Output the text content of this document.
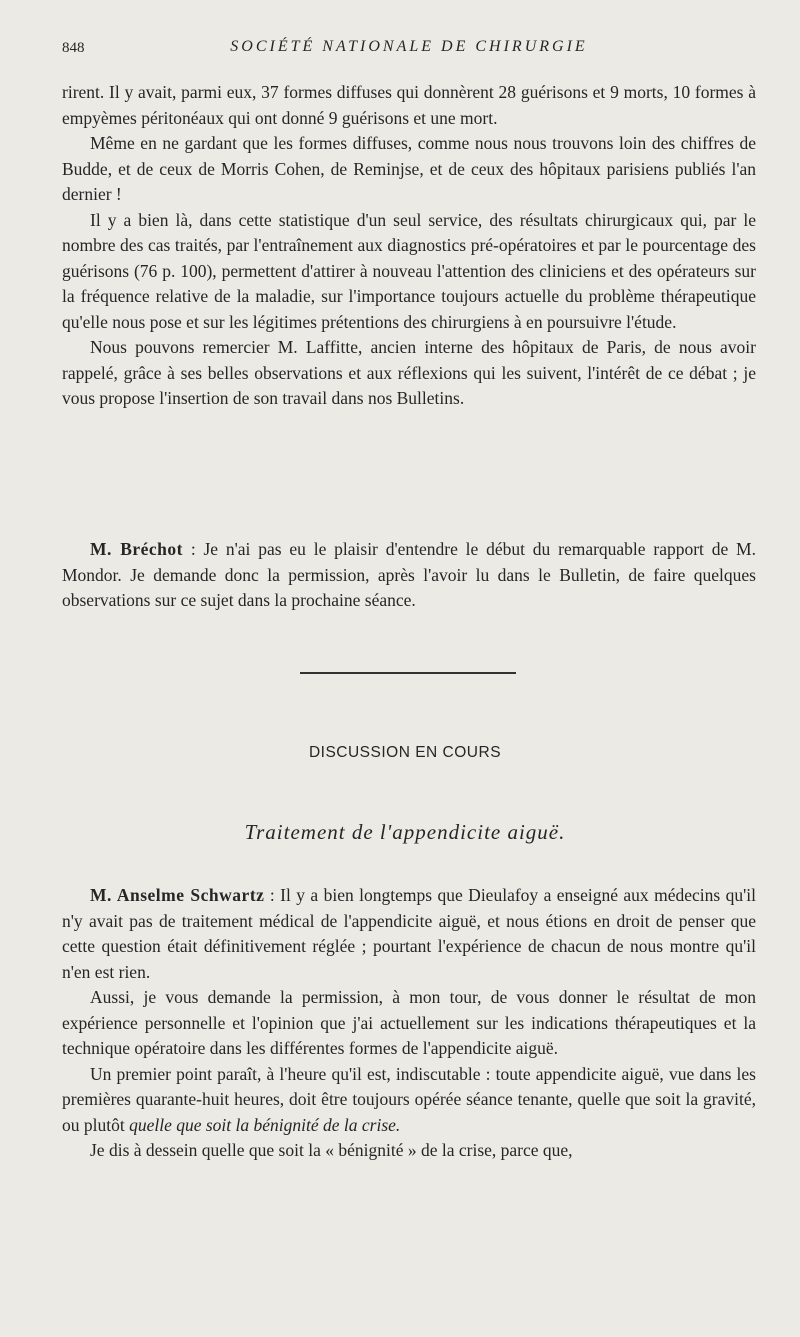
848	SOCIÉTÉ NATIONALE DE CHIRURGIE

rirent. Il y avait, parmi eux, 37 formes diffuses qui donnèrent 28 guérisons et 9 morts, 10 formes à empyèmes péritonéaux qui ont donné 9 guérisons et une mort.

Même en ne gardant que les formes diffuses, comme nous nous trouvons loin des chiffres de Budde, et de ceux de Morris Cohen, de Reminjse, et de ceux des hôpitaux parisiens publiés l'an dernier !

Il y a bien là, dans cette statistique d'un seul service, des résultats chirurgicaux qui, par le nombre des cas traités, par l'entraînement aux diagnostics pré-opératoires et par le pourcentage des guérisons (76 p. 100), permettent d'attirer à nouveau l'attention des cliniciens et des opérateurs sur la fréquence relative de la maladie, sur l'importance toujours actuelle du problème thérapeutique qu'elle nous pose et sur les légitimes prétentions des chirurgiens à en poursuivre l'étude.

Nous pouvons remercier M. Laffitte, ancien interne des hôpitaux de Paris, de nous avoir rappelé, grâce à ses belles observations et aux réflexions qui les suivent, l'intérêt de ce débat ; je vous propose l'insertion de son travail dans nos Bulletins.

M. Bréchot : Je n'ai pas eu le plaisir d'entendre le début du remarquable rapport de M. Mondor. Je demande donc la permission, après l'avoir lu dans le Bulletin, de faire quelques observations sur ce sujet dans la prochaine séance.

DISCUSSION EN COURS
Traitement de l'appendicite aiguë.

M. Anselme Schwartz : Il y a bien longtemps que Dieulafoy a enseigné aux médecins qu'il n'y avait pas de traitement médical de l'appendicite aiguë, et nous étions en droit de penser que cette question était définitivement réglée ; pourtant l'expérience de chacun de nous montre qu'il n'en est rien.

Aussi, je vous demande la permission, à mon tour, de vous donner le résultat de mon expérience personnelle et l'opinion que j'ai actuellement sur les indications thérapeutiques et la technique opératoire dans les différentes formes de l'appendicite aiguë.

Un premier point paraît, à l'heure qu'il est, indiscutable : toute appendicite aiguë, vue dans les premières quarante-huit heures, doit être toujours opérée séance tenante, quelle que soit la gravité, ou plutôt quelle que soit la bénignité de la crise.

Je dis à dessein quelle que soit la « bénignité » de la crise, parce que,
